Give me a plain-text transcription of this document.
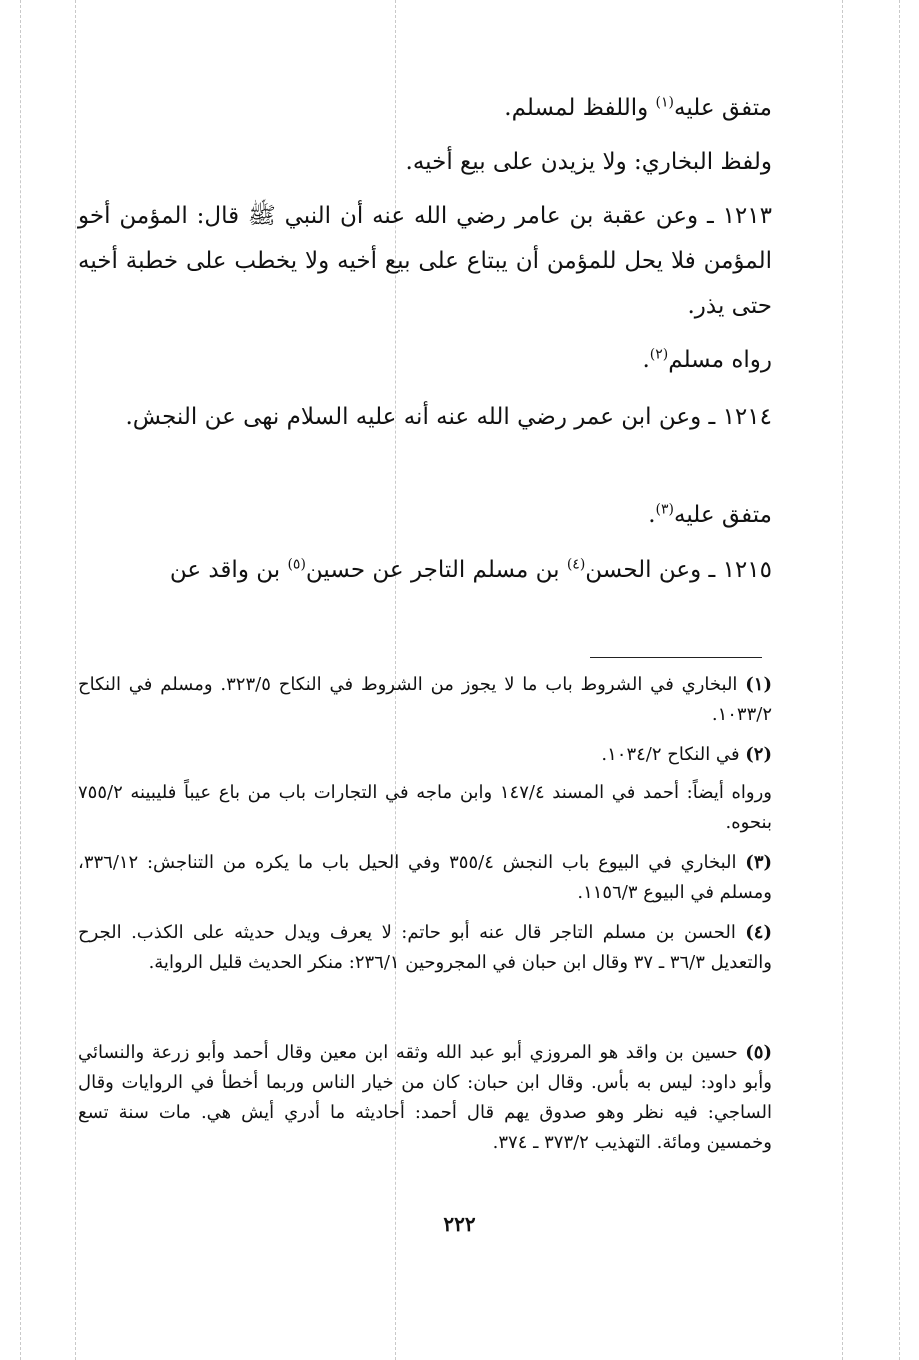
متفق عليه$^{(١)}$ واللفظ لمسلم.
ولفظ البخاري: ولا يزيدن على بيع أخيه.
١٢١٣ ـ وعن عقبة بن عامر رضي الله عنه أن النبي ﷺ قال: المؤمن أخو المؤمن فلا يحل للمؤمن أن يبتاع على بيع أخيه ولا يخطب على خطبة أخيه حتى يذر.
رواه مسلم$^{(٢)}$.
١٢١٤ ـ وعن ابن عمر رضي الله عنه أنه عليه السلام نهى عن النجش.
متفق عليه$^{(٣)}$.
١٢١٥ ـ وعن الحسن$^{(٤)}$ بن مسلم التاجر عن حسين$^{(٥)}$ بن واقد عن
(١) البخاري في الشروط باب ما لا يجوز من الشروط في النكاح ٣٢٣/٥. ومسلم في النكاح ١٠٣٣/٢.
(٢) في النكاح ١٠٣٤/٢.
ورواه أيضاً: أحمد في المسند ١٤٧/٤ وابن ماجه في التجارات باب من باع عيباً فليبينه ٧٥٥/٢ بنحوه.
(٣) البخاري في البيوع باب النجش ٣٥٥/٤ وفي الحيل باب ما يكره من التناجش: ٣٣٦/١٢، ومسلم في البيوع ١١٥٦/٣.
(٤) الحسن بن مسلم التاجر قال عنه أبو حاتم: لا يعرف ويدل حديثه على الكذب. الجرح والتعديل ٣٦/٣ ـ ٣٧ وقال ابن حبان في المجروحين ٢٣٦/١: منكر الحديث قليل الرواية.
(٥) حسين بن واقد هو المروزي أبو عبد الله وثقه ابن معين وقال أحمد وأبو زرعة والنسائي وأبو داود: ليس به بأس. وقال ابن حبان: كان من خيار الناس وربما أخطأ في الروايات وقال الساجي: فيه نظر وهو صدوق يهم قال أحمد: أحاديثه ما أدري أيش هي. مات سنة تسع وخمسين ومائة. التهذيب ٣٧٣/٢ ـ ٣٧٤.
٢٢٢
